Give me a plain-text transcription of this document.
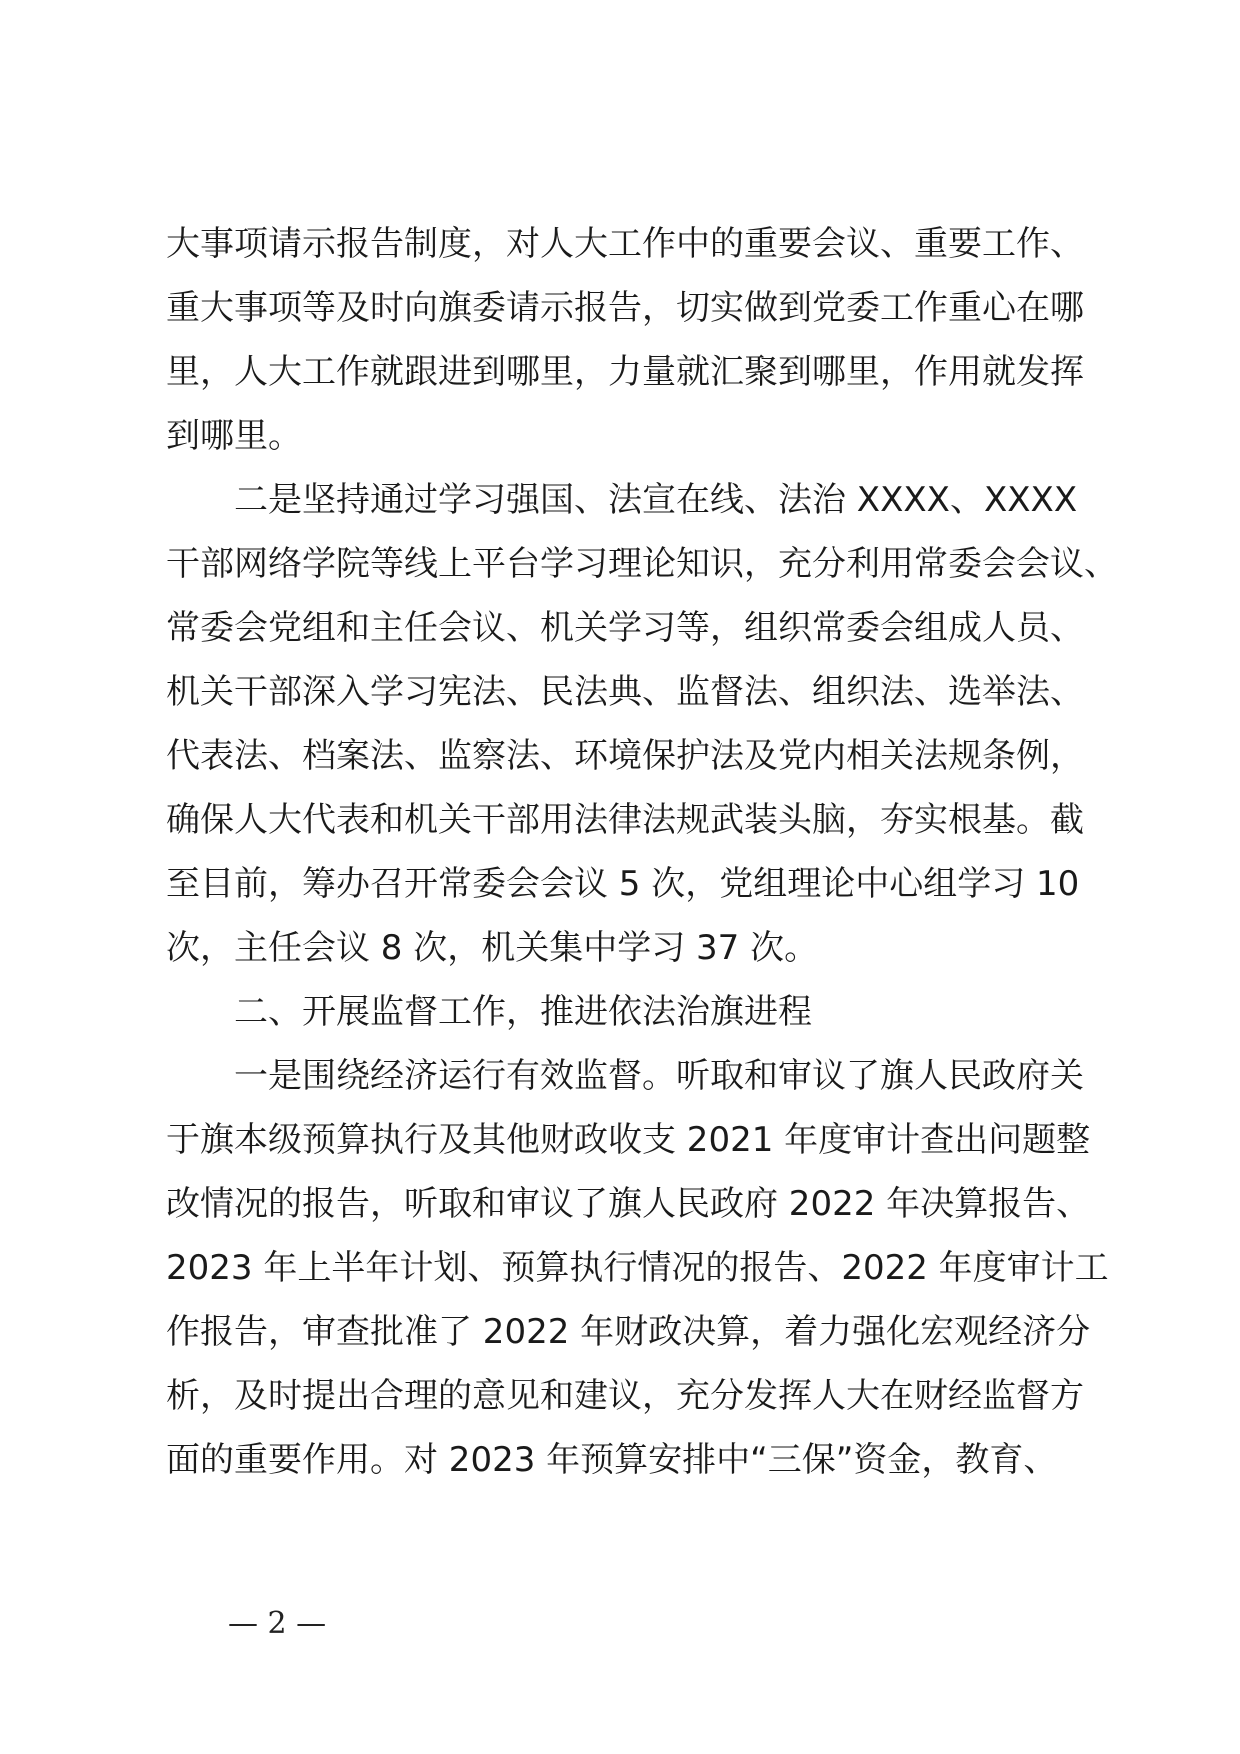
大事项请示报告制度，对人大工作中的重要会议、重要工作、
重大事项等及时向旗委请示报告，切实做到党委工作重心在哪
里，人大工作就跟进到哪里，力量就汇聚到哪里，作用就发挥
到哪里。
二是坚持通过学习强国、法宣在线、法治 XXXX、XXXX
干部网络学院等线上平台学习理论知识，充分利用常委会会议、
常委会党组和主任会议、机关学习等，组织常委会组成人员、
机关干部深入学习宪法、民法典、监督法、组织法、选举法、
代表法、档案法、监察法、环境保护法及党内相关法规条例，
确保人大代表和机关干部用法律法规武装头脑，夯实根基。截
至目前，筹办召开常委会会议 5 次，党组理论中心组学习 10
次，主任会议 8 次，机关集中学习 37 次。
二、开展监督工作，推进依法治旗进程
一是围绕经济运行有效监督。听取和审议了旗人民政府关
于旗本级预算执行及其他财政收支 2021 年度审计查出问题整
改情况的报告，听取和审议了旗人民政府 2022 年决算报告、
2023 年上半年计划、预算执行情况的报告、2022 年度审计工
作报告，审查批准了 2022 年财政决算，着力强化宏观经济分
析，及时提出合理的意见和建议，充分发挥人大在财经监督方
面的重要作用。对 2023 年预算安排中“三保”资金，教育、
— 2 —
